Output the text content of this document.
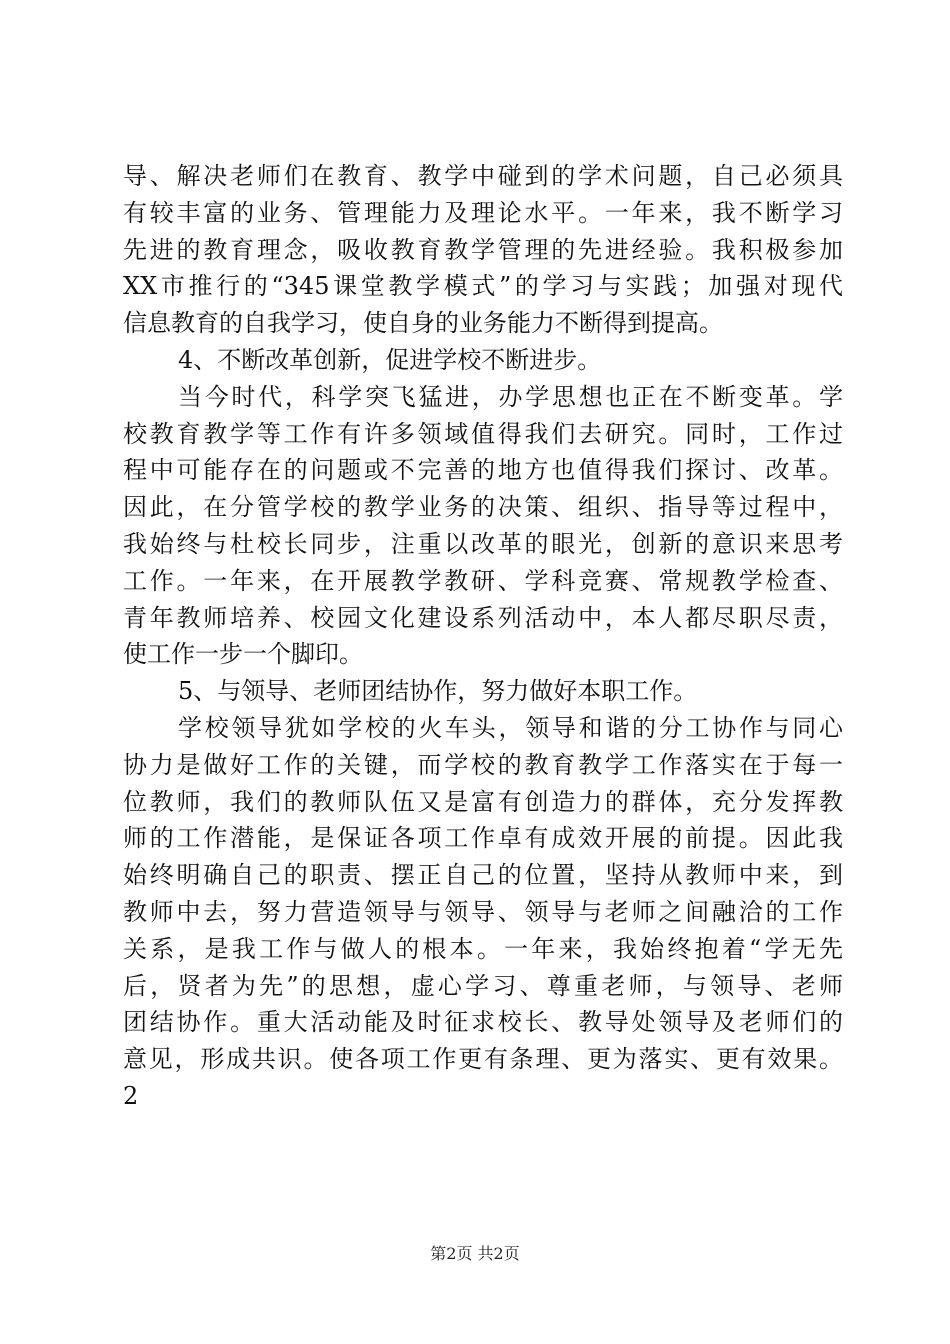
导、解决老师们在教育、教学中碰到的学术问题，自己必须具
有较丰富的业务、管理能力及理论水平。一年来，我不断学习
先进的教育理念，吸收教育教学管理的先进经验。我积极参加
XX市推行的“345课堂教学模式”的学习与实践；加强对现代
信息教育的自我学习，使自身的业务能力不断得到提高。
4、不断改革创新，促进学校不断进步。
当今时代，科学突飞猛进，办学思想也正在不断变革。学
校教育教学等工作有许多领域值得我们去研究。同时，工作过
程中可能存在的问题或不完善的地方也值得我们探讨、改革。
因此，在分管学校的教学业务的决策、组织、指导等过程中，
我始终与杜校长同步，注重以改革的眼光，创新的意识来思考
工作。一年来，在开展教学教研、学科竞赛、常规教学检查、
青年教师培养、校园文化建设系列活动中，本人都尽职尽责，
使工作一步一个脚印。
5、与领导、老师团结协作，努力做好本职工作。
学校领导犹如学校的火车头，领导和谐的分工协作与同心
协力是做好工作的关键，而学校的教育教学工作落实在于每一
位教师，我们的教师队伍又是富有创造力的群体，充分发挥教
师的工作潜能，是保证各项工作卓有成效开展的前提。因此我
始终明确自己的职责、摆正自己的位置，坚持从教师中来，到
教师中去，努力营造领导与领导、领导与老师之间融洽的工作
关系，是我工作与做人的根本。一年来，我始终抱着“学无先
后，贤者为先”的思想，虚心学习、尊重老师，与领导、老师
团结协作。重大活动能及时征求校长、教导处领导及老师们的
意见，形成共识。使各项工作更有条理、更为落实、更有效果。
2
第2页 共2页
